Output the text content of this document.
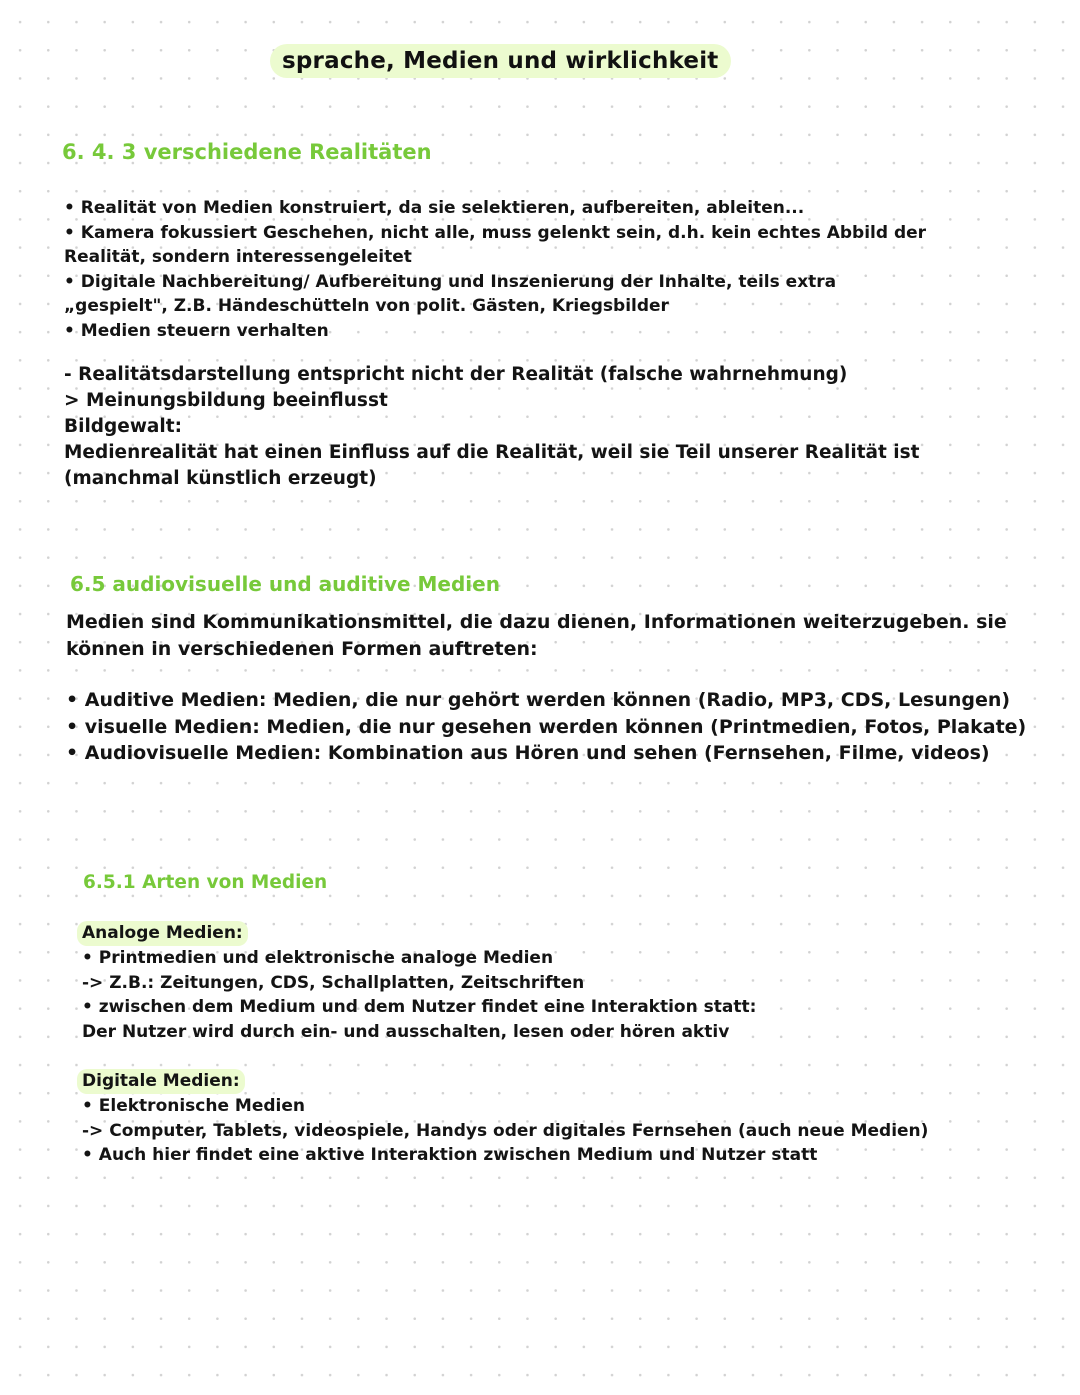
sprache, Medien und wirklichkeit
6. 4. 3 verschiedene Realitäten
• Realität von Medien konstruiert, da sie selektieren, aufbereiten, ableiten...
• Kamera fokussiert Geschehen, nicht alle, muss gelenkt sein, d.h. kein echtes Abbild der
Realität, sondern interessengeleitet
• Digitale Nachbereitung/ Aufbereitung und Inszenierung der Inhalte, teils extra
„gespielt", Z.B. Händeschütteln von polit. Gästen, Kriegsbilder
• Medien steuern verhalten
- Realitätsdarstellung entspricht nicht der Realität (falsche wahrnehmung)
> Meinungsbildung beeinflusst
Bildgewalt:
Medienrealität hat einen Einfluss auf die Realität, weil sie Teil unserer Realität ist
(manchmal künstlich erzeugt)
6.5 audiovisuelle und auditive Medien
Medien sind Kommunikationsmittel, die dazu dienen, Informationen weiterzugeben. sie
können in verschiedenen Formen auftreten:
• Auditive Medien: Medien, die nur gehört werden können (Radio, MP3, CDS, Lesungen)
• visuelle Medien: Medien, die nur gesehen werden können (Printmedien, Fotos, Plakate)
• Audiovisuelle Medien: Kombination aus Hören und sehen (Fernsehen, Filme, videos)
6.5.1 Arten von Medien
Analoge Medien:
• Printmedien und elektronische analoge Medien
-> Z.B.: Zeitungen, CDS, Schallplatten, Zeitschriften
• zwischen dem Medium und dem Nutzer findet eine Interaktion statt:
Der Nutzer wird durch ein- und ausschalten, lesen oder hören aktiv
Digitale Medien:
• Elektronische Medien
-> Computer, Tablets, videospiele, Handys oder digitales Fernsehen (auch neue Medien)
• Auch hier findet eine aktive Interaktion zwischen Medium und Nutzer statt
